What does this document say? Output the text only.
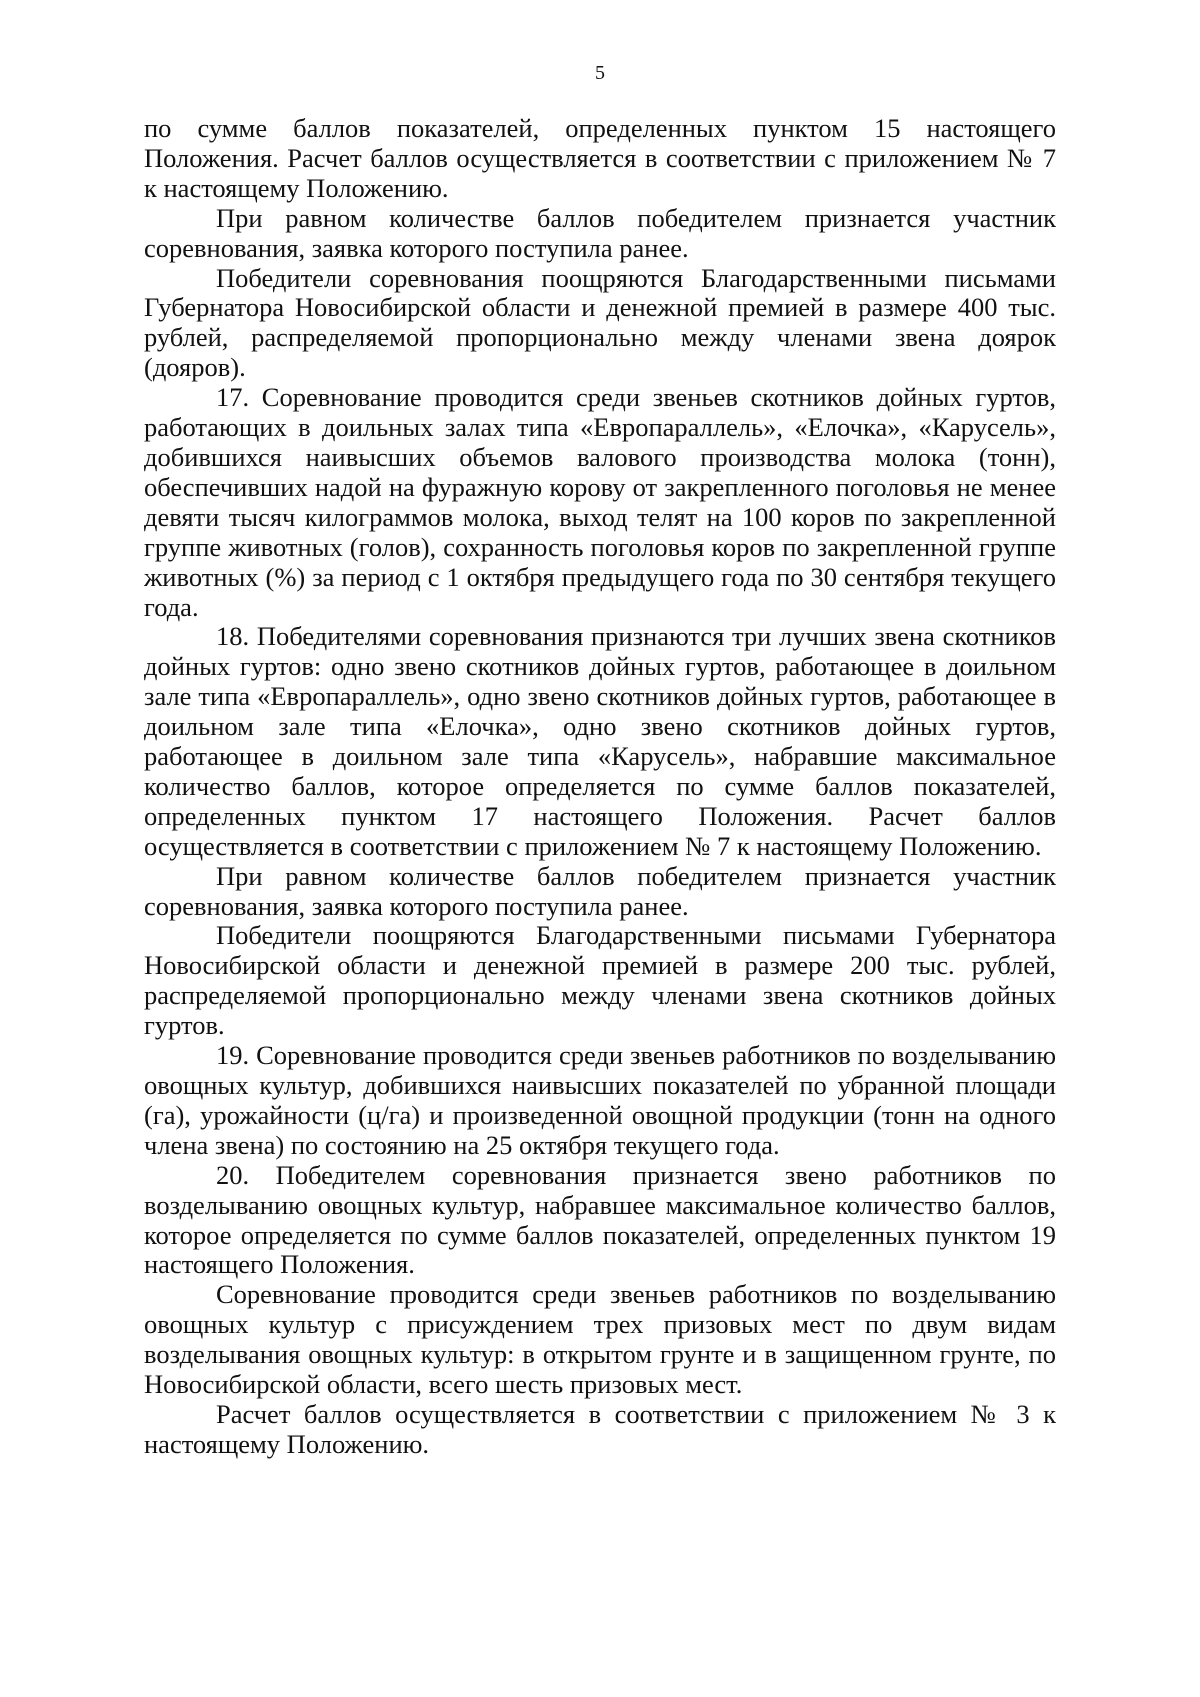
5

по сумме баллов показателей, определенных пунктом 15 настоящего Положения. Расчет баллов осуществляется в соответствии с приложением № 7 к настоящему Положению.

При равном количестве баллов победителем признается участник соревнования, заявка которого поступила ранее.

Победители соревнования поощряются Благодарственными письмами Губернатора Новосибирской области и денежной премией в размере 400 тыс. рублей, распределяемой пропорционально между членами звена доярок (дояров).

17. Соревнование проводится среди звеньев скотников дойных гуртов, работающих в доильных залах типа «Европараллель», «Елочка», «Карусель», добившихся наивысших объемов валового производства молока (тонн), обеспечивших надой на фуражную корову от закрепленного поголовья не менее девяти тысяч килограммов молока, выход телят на 100 коров по закрепленной группе животных (голов), сохранность поголовья коров по закрепленной группе животных (%) за период с 1 октября предыдущего года по 30 сентября текущего года.

18. Победителями соревнования признаются три лучших звена скотников дойных гуртов: одно звено скотников дойных гуртов, работающее в доильном зале типа «Европараллель», одно звено скотников дойных гуртов, работающее в доильном зале типа «Елочка», одно звено скотников дойных гуртов, работающее в доильном зале типа «Карусель», набравшие максимальное количество баллов, которое определяется по сумме баллов показателей, определенных пунктом 17 настоящего Положения. Расчет баллов осуществляется в соответствии с приложением № 7 к настоящему Положению.

При равном количестве баллов победителем признается участник соревнования, заявка которого поступила ранее.

Победители поощряются Благодарственными письмами Губернатора Новосибирской области и денежной премией в размере 200 тыс. рублей, распределяемой пропорционально между членами звена скотников дойных гуртов.

19. Соревнование проводится среди звеньев работников по возделыванию овощных культур, добившихся наивысших показателей по убранной площади (га), урожайности (ц/га) и произведенной овощной продукции (тонн на одного члена звена) по состоянию на 25 октября текущего года.

20. Победителем соревнования признается звено работников по возделыванию овощных культур, набравшее максимальное количество баллов, которое определяется по сумме баллов показателей, определенных пунктом 19 настоящего Положения.

Соревнование проводится среди звеньев работников по возделыванию овощных культур с присуждением трех призовых мест по двум видам возделывания овощных культур: в открытом грунте и в защищенном грунте, по Новосибирской области, всего шесть призовых мест.

Расчет баллов осуществляется в соответствии с приложением № 3 к настоящему Положению.
